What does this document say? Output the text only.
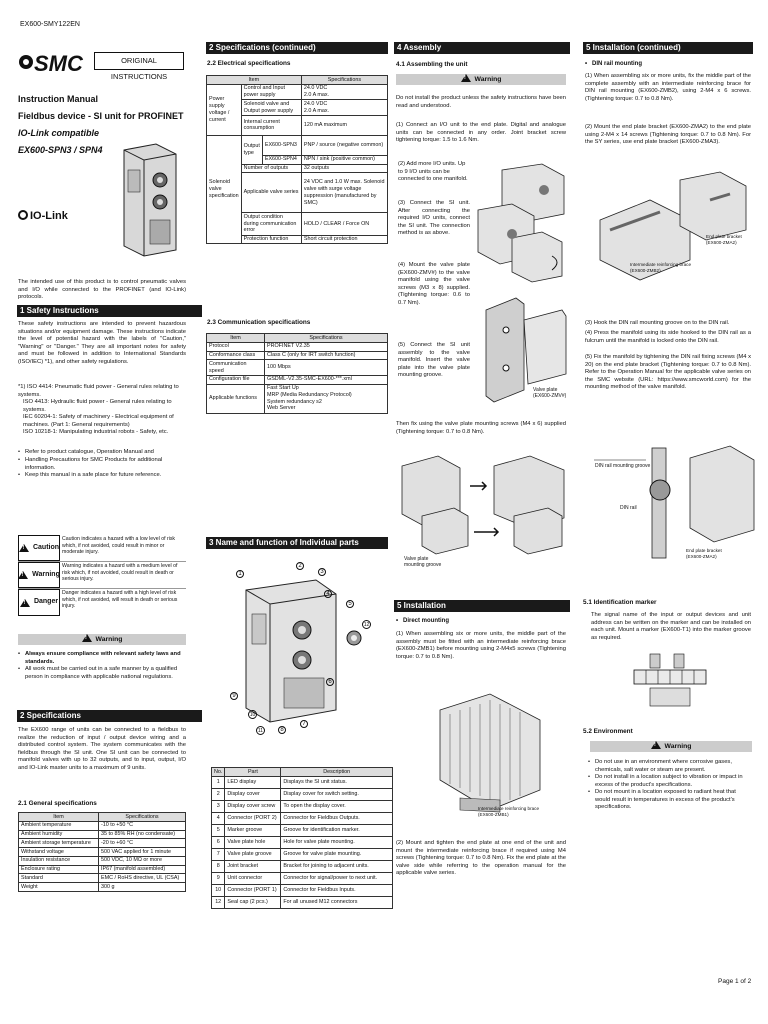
EX600-SMY122EN
SMC	ORIGINAL INSTRUCTIONS
Instruction Manual
Fieldbus device - SI unit for PROFINET
IO-Link compatible
EX600-SPN3 / SPN4
IO-Link
The intended use of this product is to control pneumatic valves and I/O while connected to the PROFINET (and IO-Link) protocols.
1 Safety Instructions
These safety instructions are intended to prevent hazardous situations and/or equipment damage. These instructions indicate the level of potential hazard with the labels of "Caution," "Warning" or "Danger." They are all important notes for safety and must be followed in addition to International Standards (ISO/IEC) *1), and other safety regulations.
*1) ISO 4414: Pneumatic fluid power - General rules relating to systems.
ISO 4413: Hydraulic fluid power - General rules relating to systems.
IEC 60204-1: Safety of machinery - Electrical equipment of machines. (Part 1: General requirements)
ISO 10218-1: Manipulating industrial robots - Safety, etc.
• Refer to product catalogue, Operation Manual and
• Handling Precautions for SMC Products for additional information.
• Keep this manual in a safe place for future reference.
!
Caution
Caution indicates a hazard with a low level of risk which, if not avoided, could result in minor or moderate injury.
!
Warning
Warning indicates a hazard with a medium level of risk which, if not avoided, could result in death or serious injury.
!
Danger
Danger indicates a hazard with a high level of risk which, if not avoided, will result in death or serious injury.
!Warning
• Always ensure compliance with relevant safety laws and standards.
• All work must be carried out in a safe manner by a qualified person in compliance with applicable national regulations.
2 Specifications
The EX600 range of units can be connected to a fieldbus to realize the reduction of input / output device wiring and a distributed control system. The system communicates with the fieldbus through the SI unit. One SI unit can be connected to manifold valves with up to 32 outputs, and to input, output, I/O and IO-Link master units to a maximum of 9 units.
2.1 General specifications
Item	Specifications
Ambient temperature	-10 to +50 °C
Ambient humidity	35 to 85% RH (no condensate)
Ambient storage temperature	-20 to +60 °C
Withstand voltage	500 VAC applied for 1 minute
Insulation resistance	500 VDC, 10 MΩ or more
Enclosure rating	IP67 (manifold assembled)
Standard	EMC / RoHS directive, UL (CSA)
Weight	300 g
2 Specifications (continued)
2.2 Electrical specifications
Item			Specifications
Power supply voltage / current	Control and Input power supply		24.0 VDC
2.0 A max.
	Solenoid valve and Output power supply		24.0 VDC
2.0 A max.
	Internal current consumption		120 mA maximum
Solenoid valve specification	Output type	EX600-SPN3	PNP / source (negative common)
		EX600-SPN4	NPN / sink (positive common)
	Number of outputs		32 outputs
	Applicable valve series		24 VDC and 1.0 W max. Solenoid valve with surge voltage suppression (manufactured by SMC)
	Output condition during communication error		HOLD / CLEAR / Force ON
	Protection function		Short circuit protection
2.3 Communication specifications
Item	Specifications
Protocol	PROFINET V2.35
Conformance class	Class C (only for IRT switch function)
Communication speed	100 Mbps
Configuration file	GSDML-V2.35-SMC-EX600-***.xml
Applicable functions	Fast Start Up
MRP (Media Redundancy Protocol)
System redundancy s2
Web Server
3 Name and function of Individual parts
1
2
3
4
5
6
7
8
9
10
11
12
No.	Part	Description
1	LED display	Displays the SI unit status.
2	Display cover	Display cover for switch setting.
3	Display cover screw	To open the display cover.
4	Connector (PORT 2)	Connector for Fieldbus Outputs.
5	Marker groove	Groove for identification marker.
6	Valve plate hole	Hole for valve plate mounting.
7	Valve plate groove	Groove for valve plate mounting.
8	Joint bracket	Bracket for joining to adjacent units.
9	Unit connector	Connector for signal/power to next unit.
10	Connector (PORT 1)	Connector for Fieldbus Inputs.
12	Seal cap (2 pcs.)	For all unused M12 connectors
4 Assembly
4.1 Assembling the unit
!Warning
Do not install the product unless the safety instructions have been read and understood.
(1) Connect an I/O unit to the end plate. Digital and analogue units can be connected in any order. Joint bracket screw tightening torque: 1.5 to 1.6 Nm.
(2) Add more I/O units. Up to 9 I/O units can be connected to one manifold.
(3) Connect the SI unit. After connecting the required I/O units, connect the SI unit. The connection method is as above.
(4) Mount the valve plate (EX600-ZMV#) to the valve manifold using the valve screws (M3 x 8) supplied. (Tightening torque: 0.6 to 0.7 Nm).
(5) Connect the SI unit assembly to the valve manifold. Insert the valve plate into the valve plate mounting groove.
Valve plate
(EX600-ZMV#)
Then fix using the valve plate mounting screws (M4 x 6) supplied (Tightening torque: 0.7 to 0.8 Nm).
Valve plate
mounting groove
5 Installation
• Direct mounting
(1) When assembling six or more units, the middle part of the assembly must be fitted with an intermediate reinforcing brace (EX600-ZMB1) before mounting using 2-M4x5 screws (Tightening torque: 0.7 to 0.8 Nm).
Intermediate reinforcing brace
(EX600-ZMB1)
(2) Mount and tighten the end plate at one end of the unit and mount the intermediate reinforcing brace if required using M4 screws (Tightening torque: 0.7 to 0.8 Nm). Fix the end plate at the valve side while referring to the operation manual for the applicable valve series.
5 Installation (continued)
• DIN rail mounting
(1) When assembling six or more units, fix the middle part of the complete assembly with an intermediate reinforcing brace for DIN rail mounting (EX600-ZMB2), using 2-M4 x 6 screws. (Tightening torque: 0.7 to 0.8 Nm).
(2) Mount the end plate bracket (EX600-ZMA2) to the end plate using 2-M4 x 14 screws (Tightening torque: 0.7 to 0.8 Nm). For the SY series, use end plate bracket (EX600-ZMA3).
End plate bracket
(EX600-ZMA2)
Intermediate reinforcing brace
(EX600-ZMB2)
(3) Hook the DIN rail mounting groove on to the DIN rail.
(4) Press the manifold using its side hooked to the DIN rail as a fulcrum until the manifold is locked onto the DIN rail.
(5) Fix the manifold by tightening the DIN rail fixing screws (M4 x 20) on the end plate bracket (Tightening torque: 0.7 to 0.8 Nm). Refer to the Operation Manual for the applicable valve series on the SMC website (URL: https://www.smcworld.com) for the mounting method of the valve manifold.
DIN rail mounting groove
DIN rail
End plate bracket
(EX600-ZMA2)
5.1 Identification marker
The signal name of the input or output devices and unit address can be written on the marker and can be installed on each unit. Mount a marker (EX600-T1) into the marker groove as required.
5.2 Environment
!Warning
• Do not use in an environment where corrosive gases, chemicals, salt water or steam are present.
• Do not install in a location subject to vibration or impact in excess of the product's specifications.
• Do not mount in a location exposed to radiant heat that would result in temperatures in excess of the product's specifications.
Page 1 of 2
